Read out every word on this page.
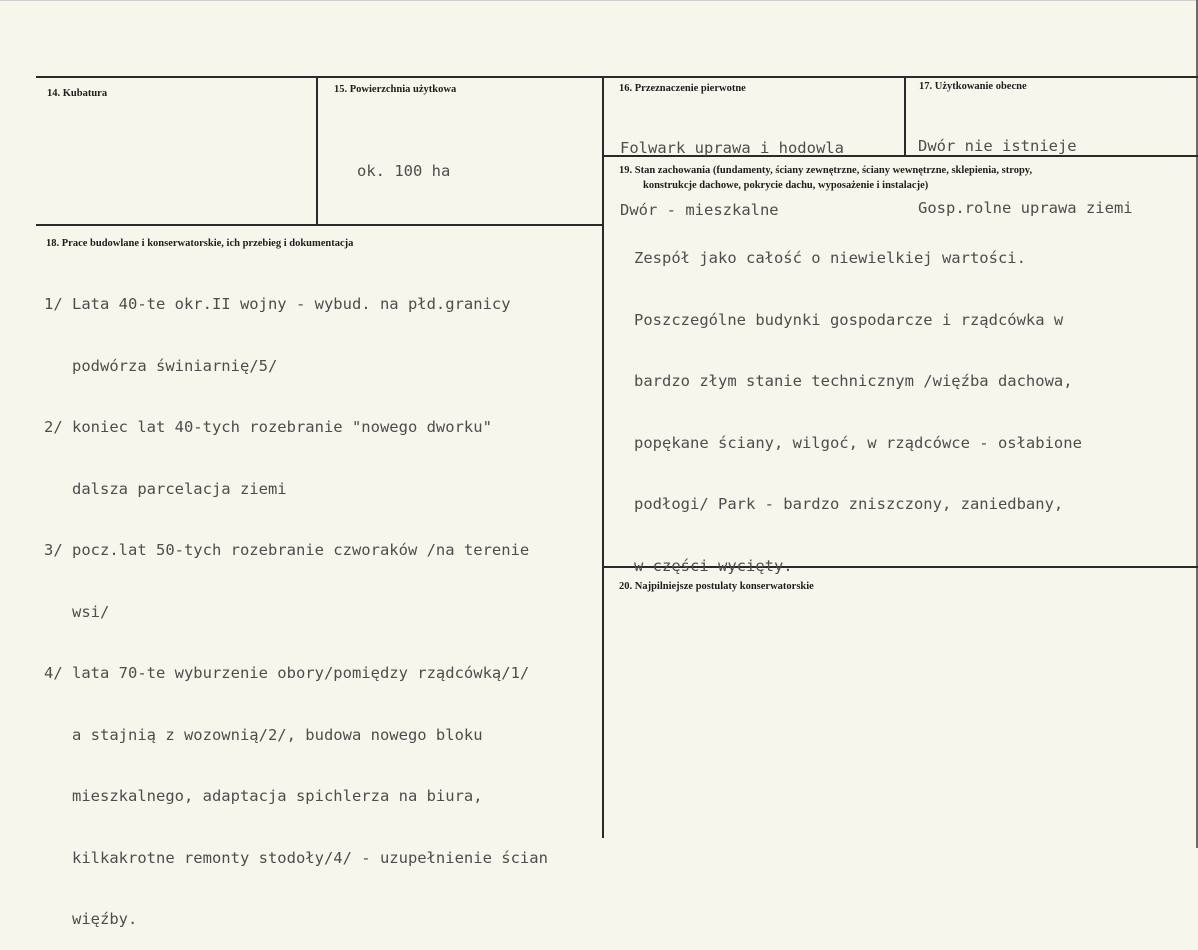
14. Kubatura	15. Powierzchnia użytkowa

ok. 100 ha

16. Przeznaczenie pierwotne

Folwark uprawa i hodowla

Dwór - mieszkalne

17. Użytkowanie obecne

Dwór nie istnieje

Gosp.rolne uprawa ziemi

18. Prace budowlane i konserwatorskie, ich przebieg i dokumentacja

1/ Lata 40-te okr.II wojny - wybud. na płd.granicy

podwórza świniarnię/5/

2/ koniec lat 40-tych rozebranie "nowego dworku"

dalsza parcelacja ziemi

3/ pocz.lat 50-tych rozebranie czworaków /na terenie

wsi/

4/ lata 70-te wyburzenie obory/pomiędzy rządcówką/1/

a stajnią z wozownią/2/, budowa nowego bloku

mieszkalnego, adaptacja spichlerza na biura,

kilkakrotne remonty stodoły/4/ - uzupełnienie ścian

więźby.

19. Stan zachowania (fundamenty, ściany zewnętrzne, ściany wewnętrzne, sklepienia, stropy,
konstrukcje dachowe, pokrycie dachu, wyposażenie i instalacje)

Zespół jako całość o niewielkiej wartości.

Poszczególne budynki gospodarcze i rządcówka w

bardzo złym stanie technicznym /więźba dachowa,

popękane ściany, wilgoć, w rządcówce - osłabione

podłogi/ Park - bardzo zniszczony, zaniedbany,

w części wycięty.

20. Najpilniejsze postulaty konserwatorskie
